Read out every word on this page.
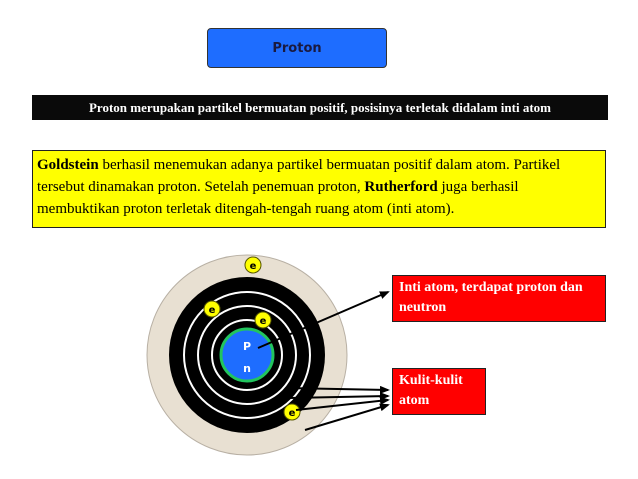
Proton
Proton merupakan partikel bermuatan positif, posisinya terletak didalam inti atom
Goldstein berhasil menemukan adanya partikel bermuatan positif dalam atom. Partikel tersebut dinamakan proton. Setelah penemuan proton, Rutherford juga berhasil membuktikan proton terletak ditengah-tengah ruang atom (inti atom).
P
n
e
e
e
e
Inti atom, terdapat proton dan neutron
Kulit-kulit atom
